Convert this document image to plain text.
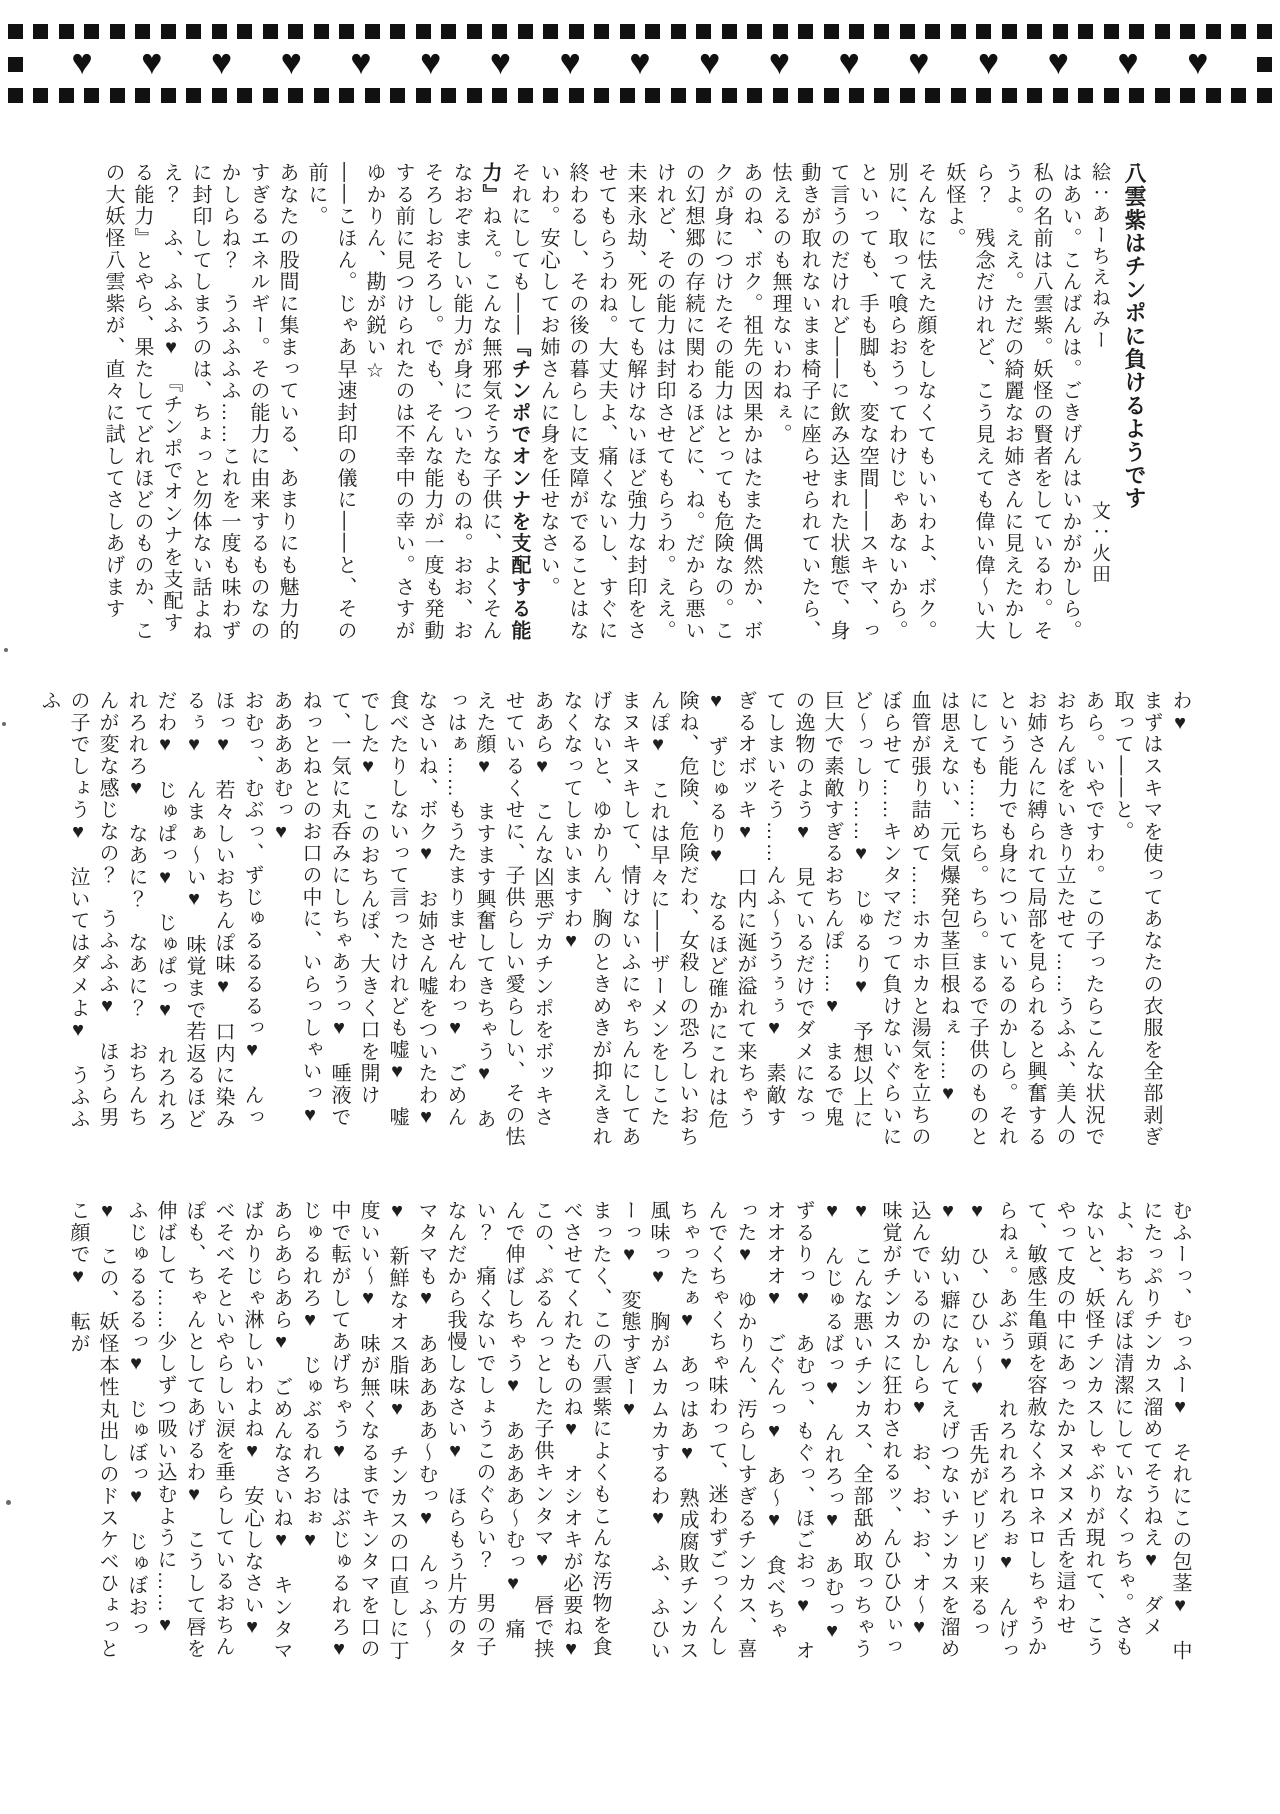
♥ ♥ ♥ ♥ ♥ ♥ ♥ ♥ ♥ ♥ ♥ ♥ ♥ ♥ ♥ ♥ ♥
八雲紫はチンポに負けるようです

絵：あーちえねみー文：火田

はあい。こんばんは。ごきげんはいかがかしら。

私の名前は八雲紫。妖怪の賢者をしているわ。そうよ。ええ。ただの綺麗なお姉さんに見えたかしら？　残念だけれど、こう見えても偉い偉～い大妖怪よ。

そんなに怯えた顔をしなくてもいいわよ、ボク。別に、取って喰らおうってわけじゃあないから。といっても、手も脚も、変な空間――スキマ、って言うのだけれど――に飲み込まれた状態で、身動きが取れないまま椅子に座らせられていたら、怯えるのも無理ないわねぇ。

あのね、ボク。祖先の因果かはたまた偶然か、ボクが身につけたその能力はとっても危険なの。この幻想郷の存続に関わるほどに、ね。だから悪いけれど、その能力は封印させてもらうわ。ええ。未来永劫、死しても解けないほど強力な封印をさせてもらうわね。大丈夫よ、痛くないし、すぐに終わるし、その後の暮らしに支障がでることはないわ。安心してお姉さんに身を任せなさい。

それにしても――『チンポでオンナを支配する能力』ねえ。こんな無邪気そうな子供に、よくそんなおぞましい能力が身についたものね。おお、おそろしおそろし。でも、そんな能力が一度も発動する前に見つけられたのは不幸中の幸い。さすがゆかりん、勘が鋭い☆

――こほん。じゃあ早速封印の儀に――と、その前に。

あなたの股間に集まっている、あまりにも魅力的すぎるエネルギー。その能力に由来するものなのかしらね？　うふふふふ……これを一度も味わずに封印してしまうのは、ちょっと勿体ない話よねえ？　ふ、ふふふ♥　『チンポでオンナを支配する能力』とやら、果たしてどれほどのものか、この大妖怪八雲紫が、直々に試してさしあげます

わ♥

まずはスキマを使ってあなたの衣服を全部剥ぎ取って――と。

あら。いやですわ。この子ったらこんな状況でおちんぽをいきり立たせて……うふふ、美人のお姉さんに縛られて局部を見られると興奮するという能力でも身についているのかしら。それにしても……ちら。ちら。まるで子供のものとは思えない、元気爆発包茎巨根ねぇ……♥　血管が張り詰めて……ホカホカと湯気を立ちのぼらせて……キンタマだって負けないぐらいにど～っしり……♥　じゅるり♥　予想以上に巨大で素敵すぎるおちんぽ……♥　まるで鬼の逸物のよう♥　見ているだけでダメになってしまいそう……んふ～ううぅぅ♥　素敵すぎるオボッキ♥　口内に涎が溢れて来ちゃう♥　ずじゅるり♥　なるほど確かにこれは危険ね、危険、危険だわ、女殺しの恐ろしいおちんぽ♥　これは早々に――ザーメンをしこたまヌキヌキして、情けないふにゃちんにしてあげないと、ゆかりん、胸のときめきが抑えきれなくなってしまいますわ♥

ああら♥　こんな凶悪デカチンポをボッキさせているくせに、子供らしい愛らしい、その怯えた顔♥　ますます興奮してきちゃう♥　あっはぁ……もうたまりませんわっ♥　ごめんなさいね、ボク♥　お姉さん嘘をついたわ♥　食べたりしないって言ったけれども嘘♥　嘘でした♥　このおちんぽ、大きく口を開けて、一気に丸呑みにしちゃあうっ♥　唾液でねっとねとのお口の中に、いらっしゃいっ♥　ああああむっ♥

おむっ、むぶっ、ずじゅるるるるっ♥　んっほっ♥　若々しいおちんぽ味♥　口内に染みるぅ♥　んまぁ～い♥　味覚まで若返るほどだわ♥　じゅぱっ♥　じゅぱっ♥　れろれろれろれろ♥　なあに？　なあに？　おちんちんが変な感じなの？　うふふふ♥　ほうら男の子でしょう♥　泣いてはダメよ♥　うふふふ

むふーっ、むっふー♥　それにこの包茎♥　中にたっぷりチンカス溜めてそうねえ♥　ダメよ、おちんぽは清潔にしていなくっちゃ。さもないと、妖怪チンカスしゃぶりが現れて、こうやって皮の中にあったかヌメヌメ舌を這わせて、敏感生亀頭を容赦なくネロネロしちゃうからねぇ。あぶう♥　れろれろれろぉ♥　んげっ♥　ひ、ひひぃ～♥　舌先がビリビリ来るっ♥　幼い癖になんてえげつないチンカスを溜め込んでいるのかしら♥　お、お、お、オ～♥　味覚がチンカスに狂わされるッ、んひひひぃっ♥　こんな悪いチンカス、全部舐め取っちゃう♥　んじゅるばっ♥　んれろっ♥　あむっ♥　ずるりっ♥　あむっ、もぐっ、ほごおっ♥　オオオオオ♥　ごぐんっ♥　あ～♥　食べちゃった♥　ゆかりん、汚らしすぎるチンカス、喜んでくちゃくちゃ味わって、迷わずごっくんしちゃったぁ♥　あっはあ♥　熟成腐敗チンカス風味っ♥　胸がムカムカするわ♥　ふ、ふひいーっ♥　変態すぎー♥

まったく、この八雲紫によくもこんな汚物を食べさせてくれたものね♥　オシオキが必要ね♥　この、ぷるんっとした子供キンタマ♥　唇で挟んで伸ばしちゃう♥　ああああ～むっ♥　痛い？　痛くないでしょうこのぐらい？　男の子なんだから我慢しなさい♥　ほらもう片方のタマタマも♥　あああああ～むっ♥　んっふ～♥　新鮮なオス脂味♥　チンカスの口直しに丁度いい～♥　味が無くなるまでキンタマを口の中で転がしてあげちゃう♥　はぶじゅるれろ♥　じゅるれろ♥　じゅぶるれろおぉ♥

あらあらあら♥　ごめんなさいね♥　キンタマばかりじゃ淋しいわよね♥　安心しなさい♥　べそべそといやらしい涙を垂らしているおちんぽも、ちゃんとしてあげるわ♥　こうして唇を伸ばして……少しずつ吸い込むように……♥　ふじゅるるるっ♥　じゅぼっ♥　じゅぼおっ♥　この、妖怪本性丸出しのドスケベひょっとこ顔で♥　転が
